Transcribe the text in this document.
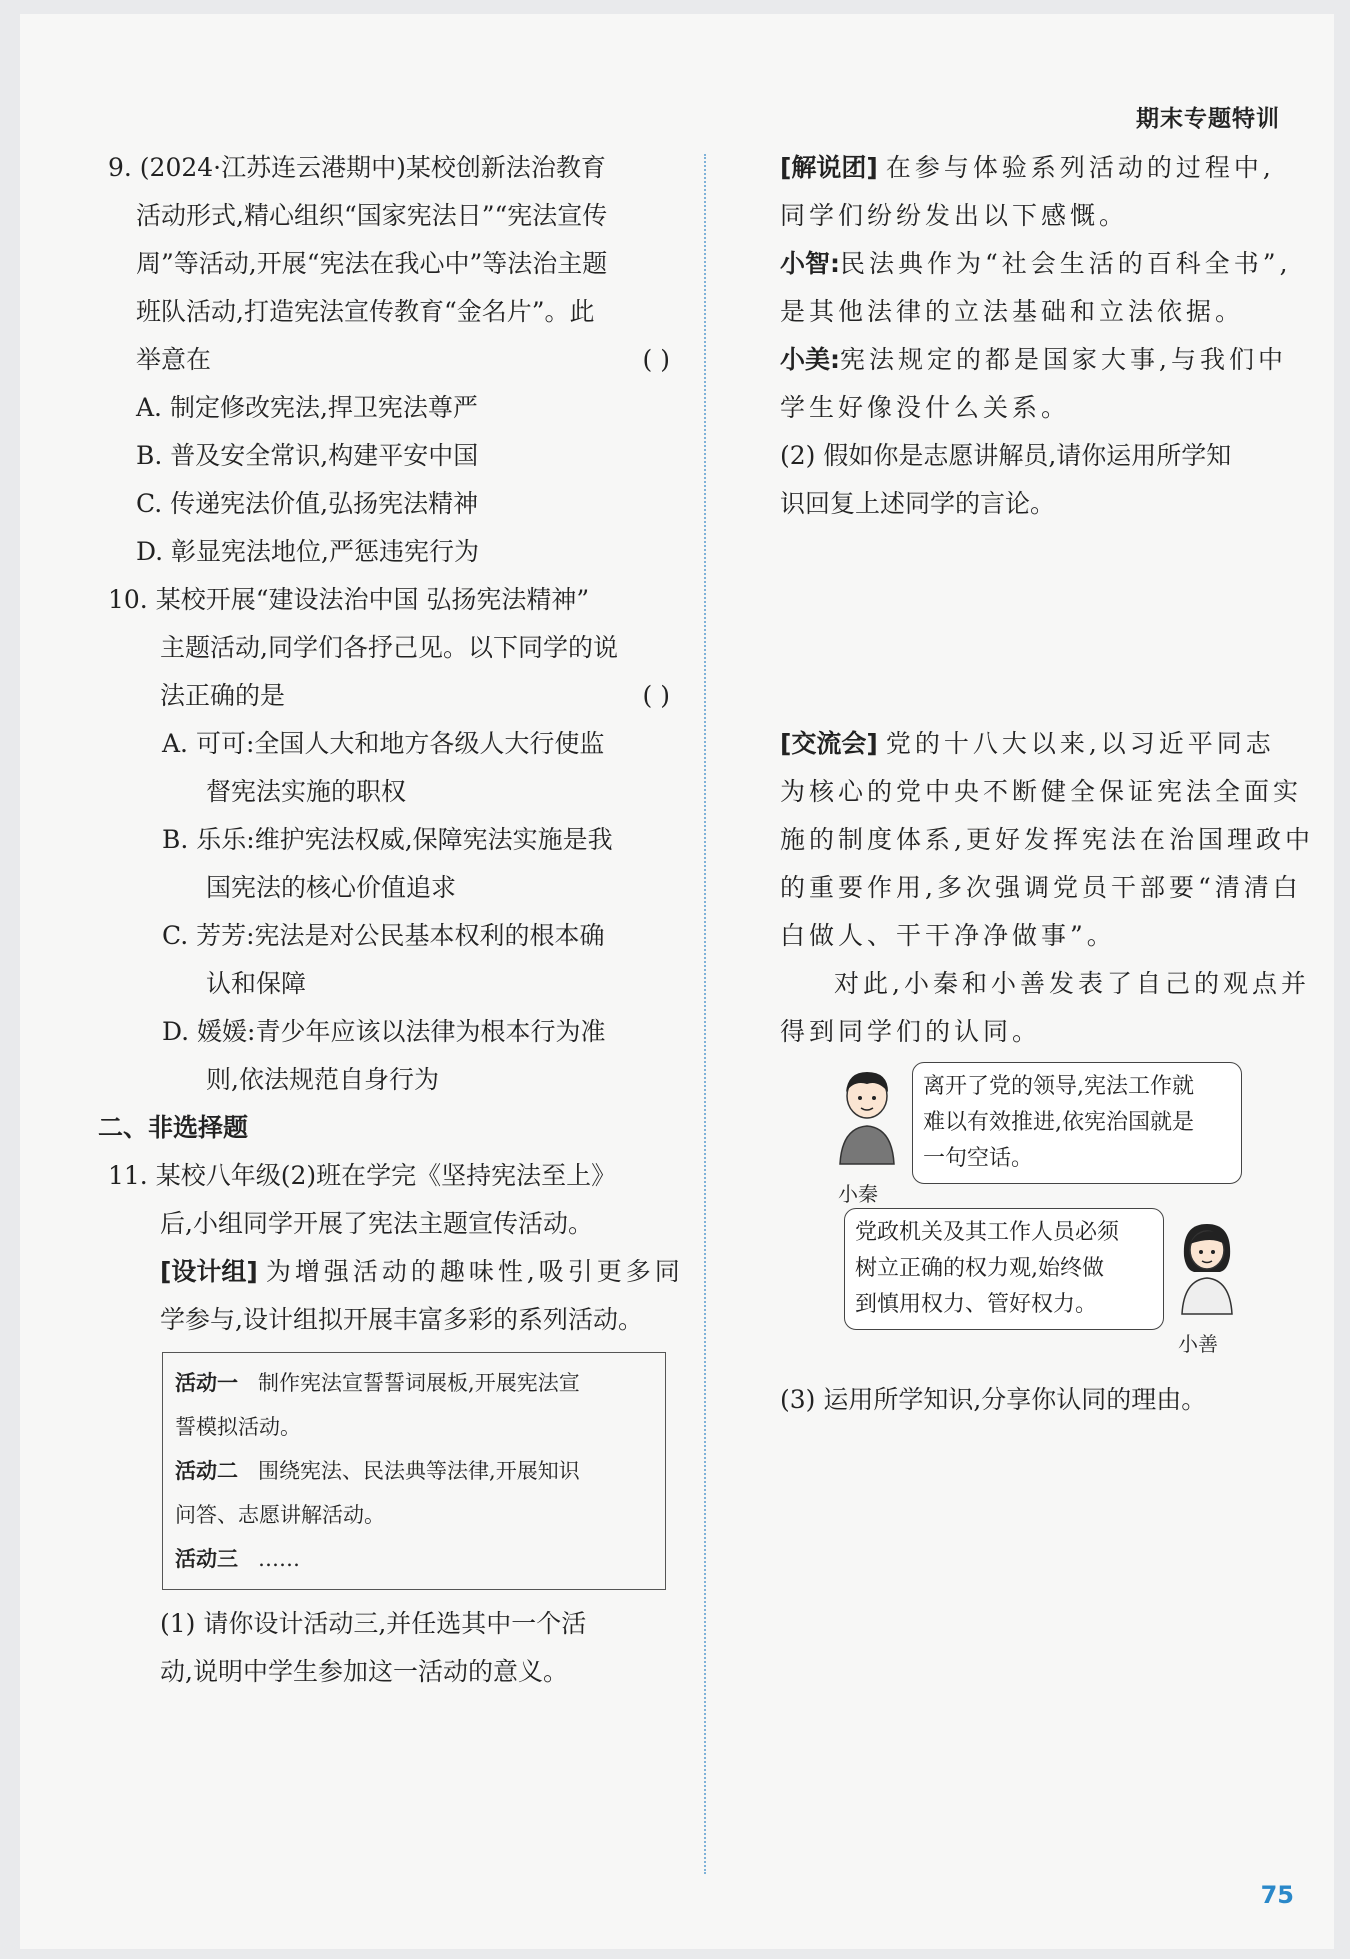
期末专题特训
9. (2024·江苏连云港期中)某校创新法治教育
活动形式,精心组织“国家宪法日”“宪法宣传
周”等活动,开展“宪法在我心中”等法治主题
班队活动,打造宪法宣传教育“金名片”。此
举意在	( )
A. 制定修改宪法,捍卫宪法尊严
B. 普及安全常识,构建平安中国
C. 传递宪法价值,弘扬宪法精神
D. 彰显宪法地位,严惩违宪行为
10. 某校开展“建设法治中国 弘扬宪法精神”
主题活动,同学们各抒己见。以下同学的说
法正确的是	( )
A. 可可:全国人大和地方各级人大行使监
督宪法实施的职权
B. 乐乐:维护宪法权威,保障宪法实施是我
国宪法的核心价值追求
C. 芳芳:宪法是对公民基本权利的根本确
认和保障
D. 媛媛:青少年应该以法律为根本行为准
则,依法规范自身行为
二、非选择题
11. 某校八年级(2)班在学完《坚持宪法至上》
后,小组同学开展了宪法主题宣传活动。
[设计组] 为增强活动的趣味性,吸引更多同
学参与,设计组拟开展丰富多彩的系列活动。
活动一 制作宪法宣誓誓词展板,开展宪法宣
誓模拟活动。
活动二 围绕宪法、民法典等法律,开展知识
问答、志愿讲解活动。
活动三 ……
(1) 请你设计活动三,并任选其中一个活
动,说明中学生参加这一活动的意义。
[解说团] 在参与体验系列活动的过程中,
同学们纷纷发出以下感慨。
小智:民法典作为“社会生活的百科全书”,
是其他法律的立法基础和立法依据。
小美:宪法规定的都是国家大事,与我们中
学生好像没什么关系。
(2) 假如你是志愿讲解员,请你运用所学知
识回复上述同学的言论。
[交流会] 党的十八大以来,以习近平同志
为核心的党中央不断健全保证宪法全面实
施的制度体系,更好发挥宪法在治国理政中
的重要作用,多次强调党员干部要“清清白
白做人、干干净净做事”。
对此,小秦和小善发表了自己的观点并
得到同学们的认同。
小秦
离开了党的领导,宪法工作就
难以有效推进,依宪治国就是
一句空话。
党政机关及其工作人员必须
树立正确的权力观,始终做
到慎用权力、管好权力。
小善
(3) 运用所学知识,分享你认同的理由。
75
